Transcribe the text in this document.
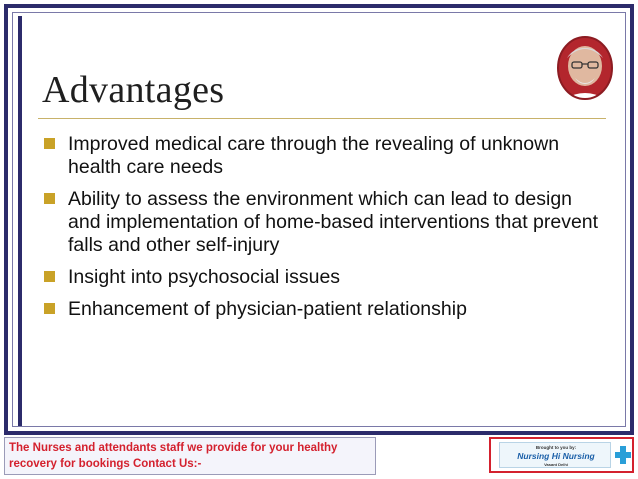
Advantages
Improved medical care through the revealing of unknown health care needs
Ability to assess the environment which can lead to design and implementation of home-based interventions that prevent falls and other self-injury
Insight into psychosocial issues
Enhancement of physician-patient relationship
The Nurses and attendants staff we provide for your healthy recovery for bookings Contact Us:-
Brought to you by:
Nursing Hi Nursing
Vasant Delhi
